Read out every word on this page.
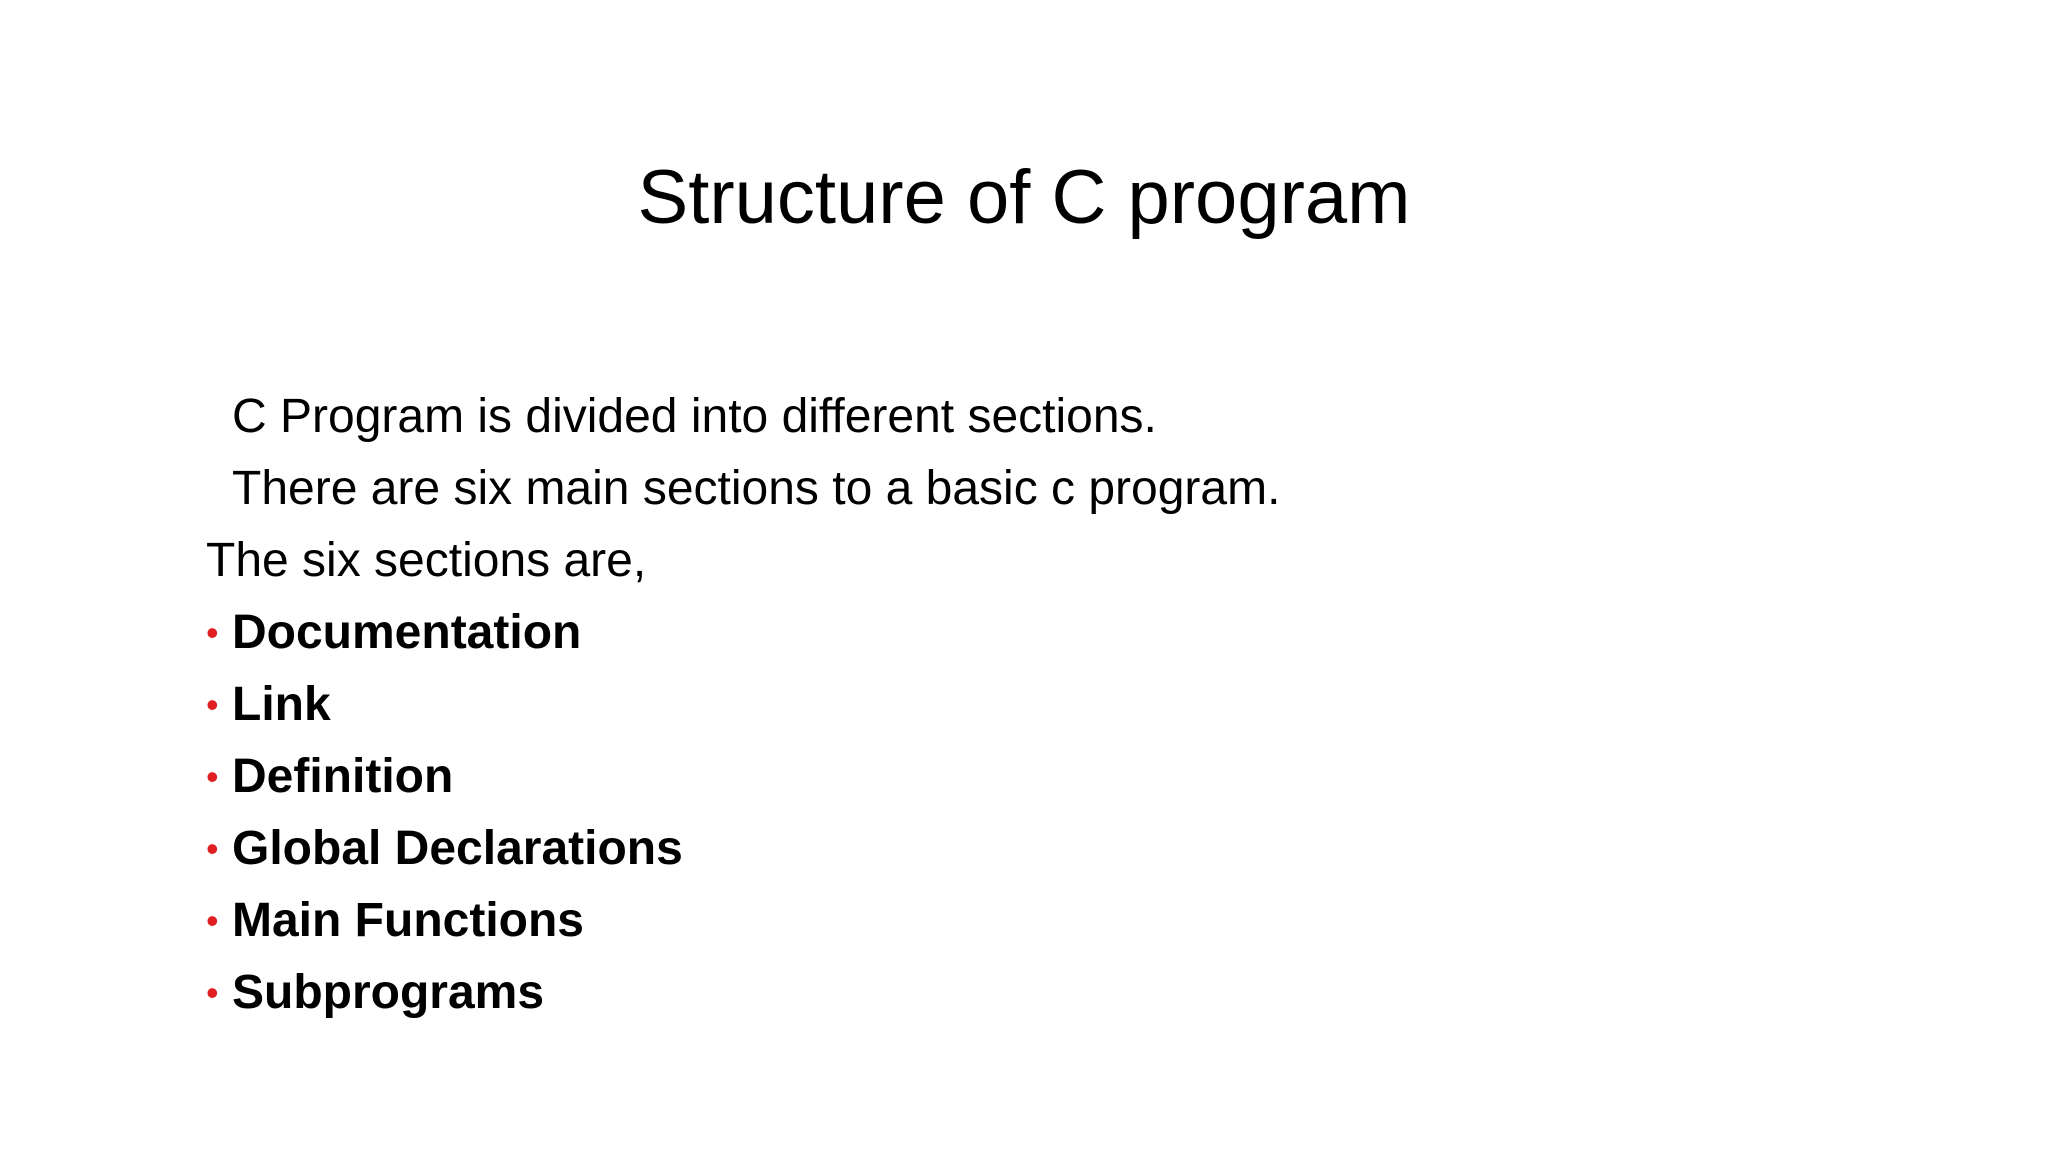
Structure of C program

C Program is divided into different sections.

There are six main sections to a basic c program.

The six sections are,

• Documentation
• Link
• Definition
• Global Declarations
• Main Functions
• Subprograms
